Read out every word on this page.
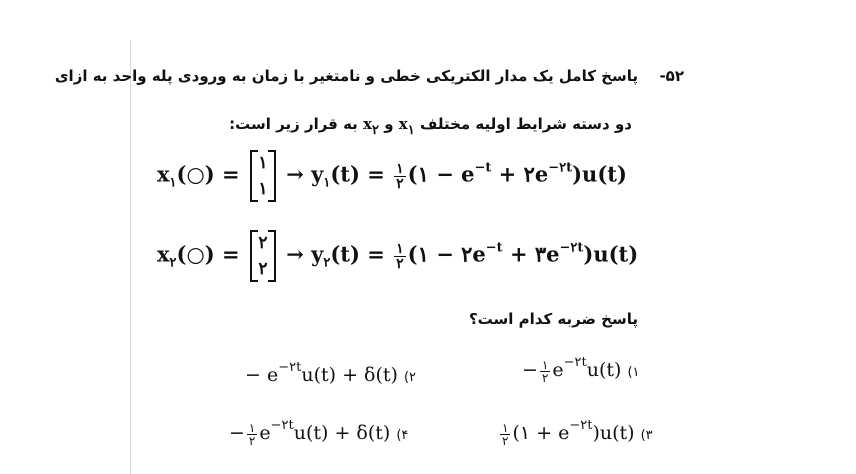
-۵۲
پاسخ کامل یک مدار الکتریکی خطی و نامتغیر با زمان به ورودی پله واحد به ازای
دو دسته شرایط اولیه مختلف x۱ و x۲ به قرار زیر است:
$x_۱(○)$ = ۱
۱
→ $y_۱(t) = \frac{۱}{۲}$ (۱ − $e^{-t}$ + $۲e^{-۲t})u(t)$
$x_۲(○)$ = ۲
۲
→ $y_۲(t) = \frac{۱}{۲}$ (۱ − $۲e^{-t}$ + $۳e^{-۲t})u(t)$
پاسخ ضربه کدام است؟
− $\frac{۱}{۲} e^{-۲t}u(t)$ (۱
− $e^{-۲t}u(t) + \delta(t)$ (۲
$\frac{۱}{۲}$ (۱ + $e^{-۲t})u(t)$ (۳
− $\frac{۱}{۲} e^{-۲t}u(t) + \delta(t)$ (۴
